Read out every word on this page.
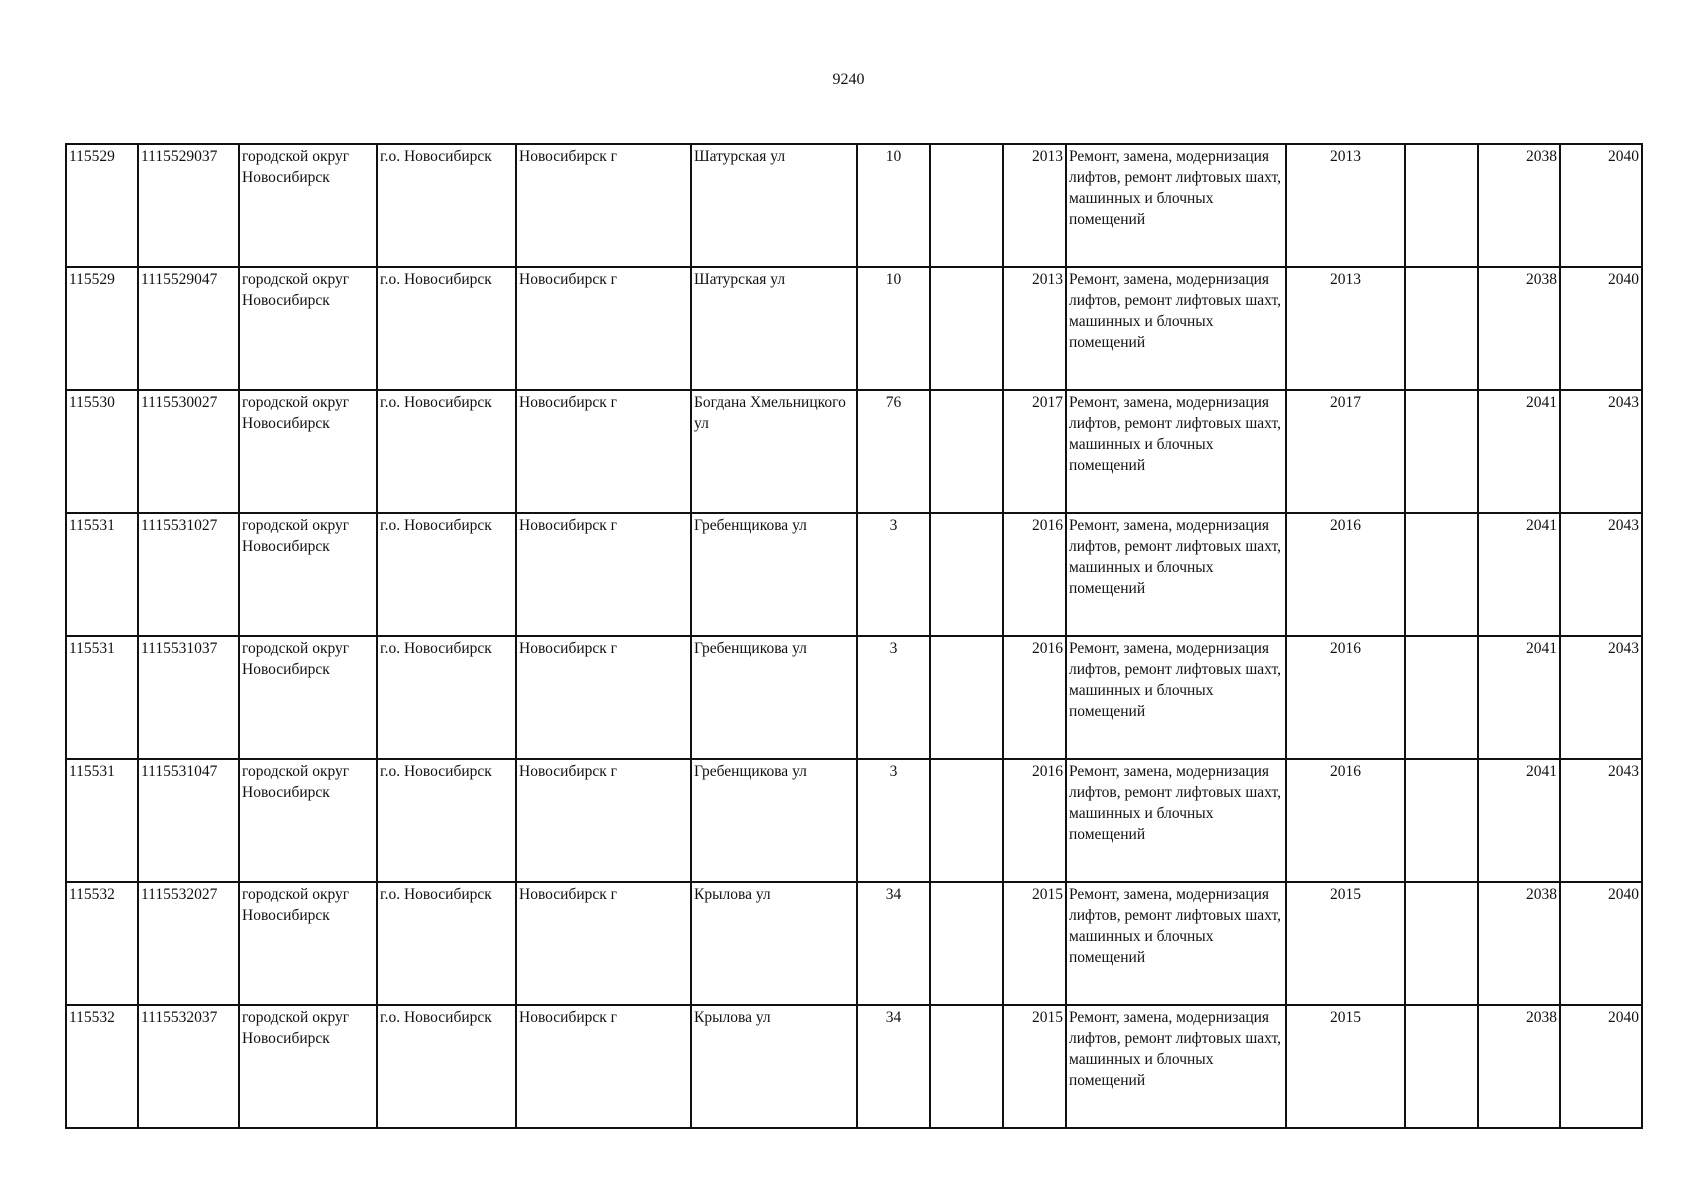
9240
115529	1115529037	городской округ Новосибирск	г.о. Новосибирск	Новосибирск г	Шатурская ул	10		2013	Ремонт, замена, модернизация лифтов, ремонт лифтовых шахт, машинных и блочных помещений	2013		2038	2040
115529	1115529047	городской округ Новосибирск	г.о. Новосибирск	Новосибирск г	Шатурская ул	10		2013	Ремонт, замена, модернизация лифтов, ремонт лифтовых шахт, машинных и блочных помещений	2013		2038	2040
115530	1115530027	городской округ Новосибирск	г.о. Новосибирск	Новосибирск г	Богдана Хмельницкого ул	76		2017	Ремонт, замена, модернизация лифтов, ремонт лифтовых шахт, машинных и блочных помещений	2017		2041	2043
115531	1115531027	городской округ Новосибирск	г.о. Новосибирск	Новосибирск г	Гребенщикова ул	3		2016	Ремонт, замена, модернизация лифтов, ремонт лифтовых шахт, машинных и блочных помещений	2016		2041	2043
115531	1115531037	городской округ Новосибирск	г.о. Новосибирск	Новосибирск г	Гребенщикова ул	3		2016	Ремонт, замена, модернизация лифтов, ремонт лифтовых шахт, машинных и блочных помещений	2016		2041	2043
115531	1115531047	городской округ Новосибирск	г.о. Новосибирск	Новосибирск г	Гребенщикова ул	3		2016	Ремонт, замена, модернизация лифтов, ремонт лифтовых шахт, машинных и блочных помещений	2016		2041	2043
115532	1115532027	городской округ Новосибирск	г.о. Новосибирск	Новосибирск г	Крылова ул	34		2015	Ремонт, замена, модернизация лифтов, ремонт лифтовых шахт, машинных и блочных помещений	2015		2038	2040
115532	1115532037	городской округ Новосибирск	г.о. Новосибирск	Новосибирск г	Крылова ул	34		2015	Ремонт, замена, модернизация лифтов, ремонт лифтовых шахт, машинных и блочных помещений	2015		2038	2040
